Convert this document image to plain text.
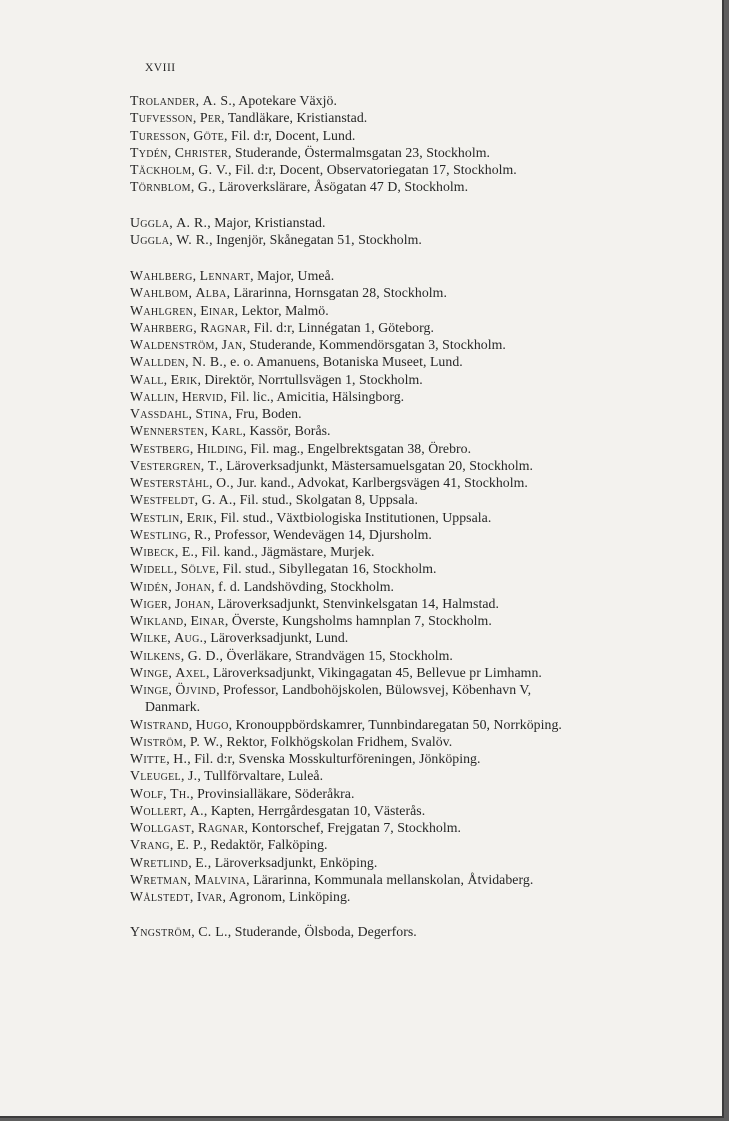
XVIII
Trolander, A. S., Apotekare Växjö.
Tufvesson, Per, Tandläkare, Kristianstad.
Turesson, Göte, Fil. d:r, Docent, Lund.
Tydén, Christer, Studerande, Östermalmsgatan 23, Stockholm.
Täckholm, G. V., Fil. d:r, Docent, Observatoriegatan 17, Stockholm.
Törnblom, G., Läroverkslärare, Åsögatan 47 D, Stockholm.
Uggla, A. R., Major, Kristianstad.
Uggla, W. R., Ingenjör, Skånegatan 51, Stockholm.
Wahlberg, Lennart, Major, Umeå.
Wahlbom, Alba, Lärarinna, Hornsgatan 28, Stockholm.
Wahlgren, Einar, Lektor, Malmö.
Wahrberg, Ragnar, Fil. d:r, Linnégatan 1, Göteborg.
Waldenström, Jan, Studerande, Kommendörsgatan 3, Stockholm.
Wallden, N. B., e. o. Amanuens, Botaniska Museet, Lund.
Wall, Erik, Direktör, Norrtullsvägen 1, Stockholm.
Wallin, Hervid, Fil. lic., Amicitia, Hälsingborg.
Vassdahl, Stina, Fru, Boden.
Wennersten, Karl, Kassör, Borås.
Westberg, Hilding, Fil. mag., Engelbrektsgatan 38, Örebro.
Vestergren, T., Läroverksadjunkt, Mästersamuelsgatan 20, Stockholm.
Westerståhl, O., Jur. kand., Advokat, Karlbergsvägen 41, Stockholm.
Westfeldt, G. A., Fil. stud., Skolgatan 8, Uppsala.
Westlin, Erik, Fil. stud., Växtbiologiska Institutionen, Uppsala.
Westling, R., Professor, Wendevägen 14, Djursholm.
Wibeck, E., Fil. kand., Jägmästare, Murjek.
Widell, Sölve, Fil. stud., Sibyllegatan 16, Stockholm.
Widén, Johan, f. d. Landshövding, Stockholm.
Wiger, Johan, Läroverksadjunkt, Stenvinkelsgatan 14, Halmstad.
Wikland, Einar, Överste, Kungsholms hamnplan 7, Stockholm.
Wilke, Aug., Läroverksadjunkt, Lund.
Wilkens, G. D., Överläkare, Strandvägen 15, Stockholm.
Winge, Axel, Läroverksadjunkt, Vikingagatan 45, Bellevue pr Limhamn.
Winge, Öjvind, Professor, Landbohöjskolen, Bülowsvej, Köbenhavn V,
Danmark.
Wistrand, Hugo, Kronouppbördskamrer, Tunnbindaregatan 50, Norrköping.
Wiström, P. W., Rektor, Folkhögskolan Fridhem, Svalöv.
Witte, H., Fil. d:r, Svenska Mosskulturföreningen, Jönköping.
Vleugel, J., Tullförvaltare, Luleå.
Wolf, Th., Provinsialläkare, Söderåkra.
Wollert, A., Kapten, Herrgårdesgatan 10, Västerås.
Wollgast, Ragnar, Kontorschef, Frejgatan 7, Stockholm.
Vrang, E. P., Redaktör, Falköping.
Wretlind, E., Läroverksadjunkt, Enköping.
Wretman, Malvina, Lärarinna, Kommunala mellanskolan, Åtvidaberg.
Wålstedt, Ivar, Agronom, Linköping.
Yngström, C. L., Studerande, Ölsboda, Degerfors.
